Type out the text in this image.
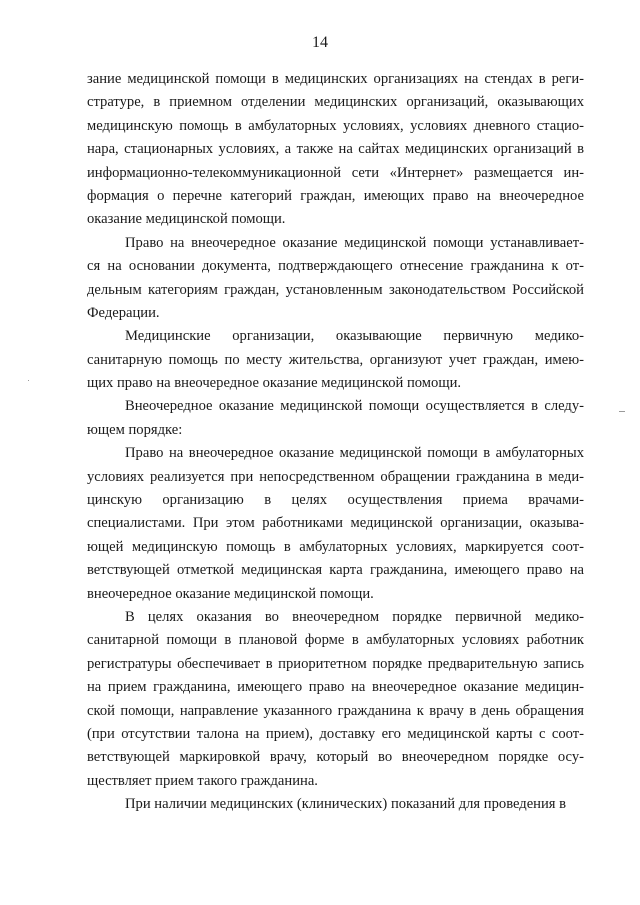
14
зание медицинской помощи в медицинских организациях на стендах в реги-
стратуре, в приемном отделении медицинских организаций, оказывающих
медицинскую помощь в амбулаторных условиях, условиях дневного стацио-
нара, стационарных условиях, а также на сайтах медицинских организаций в
информационно-телекоммуникационной сети «Интернет» размещается ин-
формация о перечне категорий граждан, имеющих право на внеочередное
оказание медицинской помощи.
Право на внеочередное оказание медицинской помощи устанавливает-
ся на основании документа, подтверждающего отнесение гражданина к от-
дельным категориям граждан, установленным законодательством Российской
Федерации.
Медицинские организации, оказывающие первичную медико-
санитарную помощь по месту жительства, организуют учет граждан, имею-
щих право на внеочередное оказание медицинской помощи.
Внеочередное оказание медицинской помощи осуществляется в следу-
ющем порядке:
Право на внеочередное оказание медицинской помощи в амбулаторных
условиях реализуется при непосредственном обращении гражданина в меди-
цинскую организацию в целях осуществления приема врачами-
специалистами. При этом работниками медицинской организации, оказыва-
ющей медицинскую помощь в амбулаторных условиях, маркируется соот-
ветствующей отметкой медицинская карта гражданина, имеющего право на
внеочередное оказание медицинской помощи.
В целях оказания во внеочередном порядке первичной медико-
санитарной помощи в плановой форме в амбулаторных условиях работник
регистратуры обеспечивает в приоритетном порядке предварительную запись
на прием гражданина, имеющего право на внеочередное оказание медицин-
ской помощи, направление указанного гражданина к врачу в день обращения
(при отсутствии талона на прием), доставку его медицинской карты с соот-
ветствующей маркировкой врачу, который во внеочередном порядке осу-
ществляет прием такого гражданина.
При наличии медицинских (клинических) показаний для проведения в
